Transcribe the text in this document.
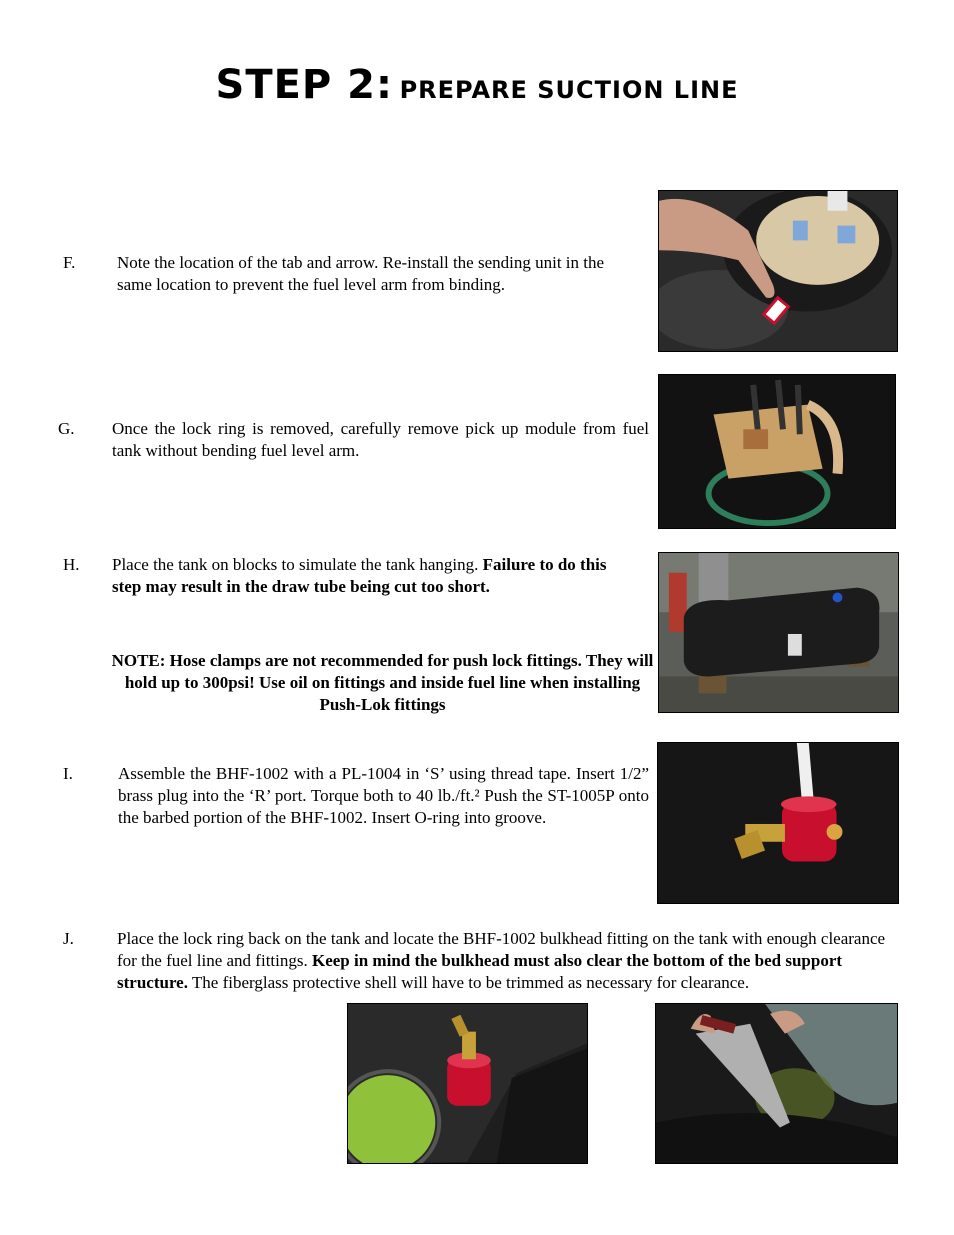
STEP 2: PREPARE SUCTION LINE
F. Note the location of the tab and arrow. Re-install the sending unit in the same location to prevent the fuel level arm from binding.
G. Once the lock ring is removed, carefully remove pick up module from fuel tank without bending fuel level arm.
H. Place the tank on blocks to simulate the tank hanging. Failure to do this step may result in the draw tube being cut too short.
NOTE: Hose clamps are not recommended for push lock fittings. They will hold up to 300psi! Use oil on fittings and inside fuel line when installing Push-Lok fittings
I.	Assemble the BHF-1002 with a PL-1004 in ‘S’ using thread tape. Insert 1/2” brass plug into the ‘R’ port. Torque both to 40 lb./ft.² Push the ST-1005P onto the barbed portion of the BHF-1002. Insert O-ring into groove.
J.	Place the lock ring back on the tank and locate the BHF-1002 bulkhead fitting on the tank with enough clearance for the fuel line and fittings. Keep in mind the bulkhead must also clear the bottom of the bed support structure. The fiberglass protective shell will have to be trimmed as necessary for clearance.
